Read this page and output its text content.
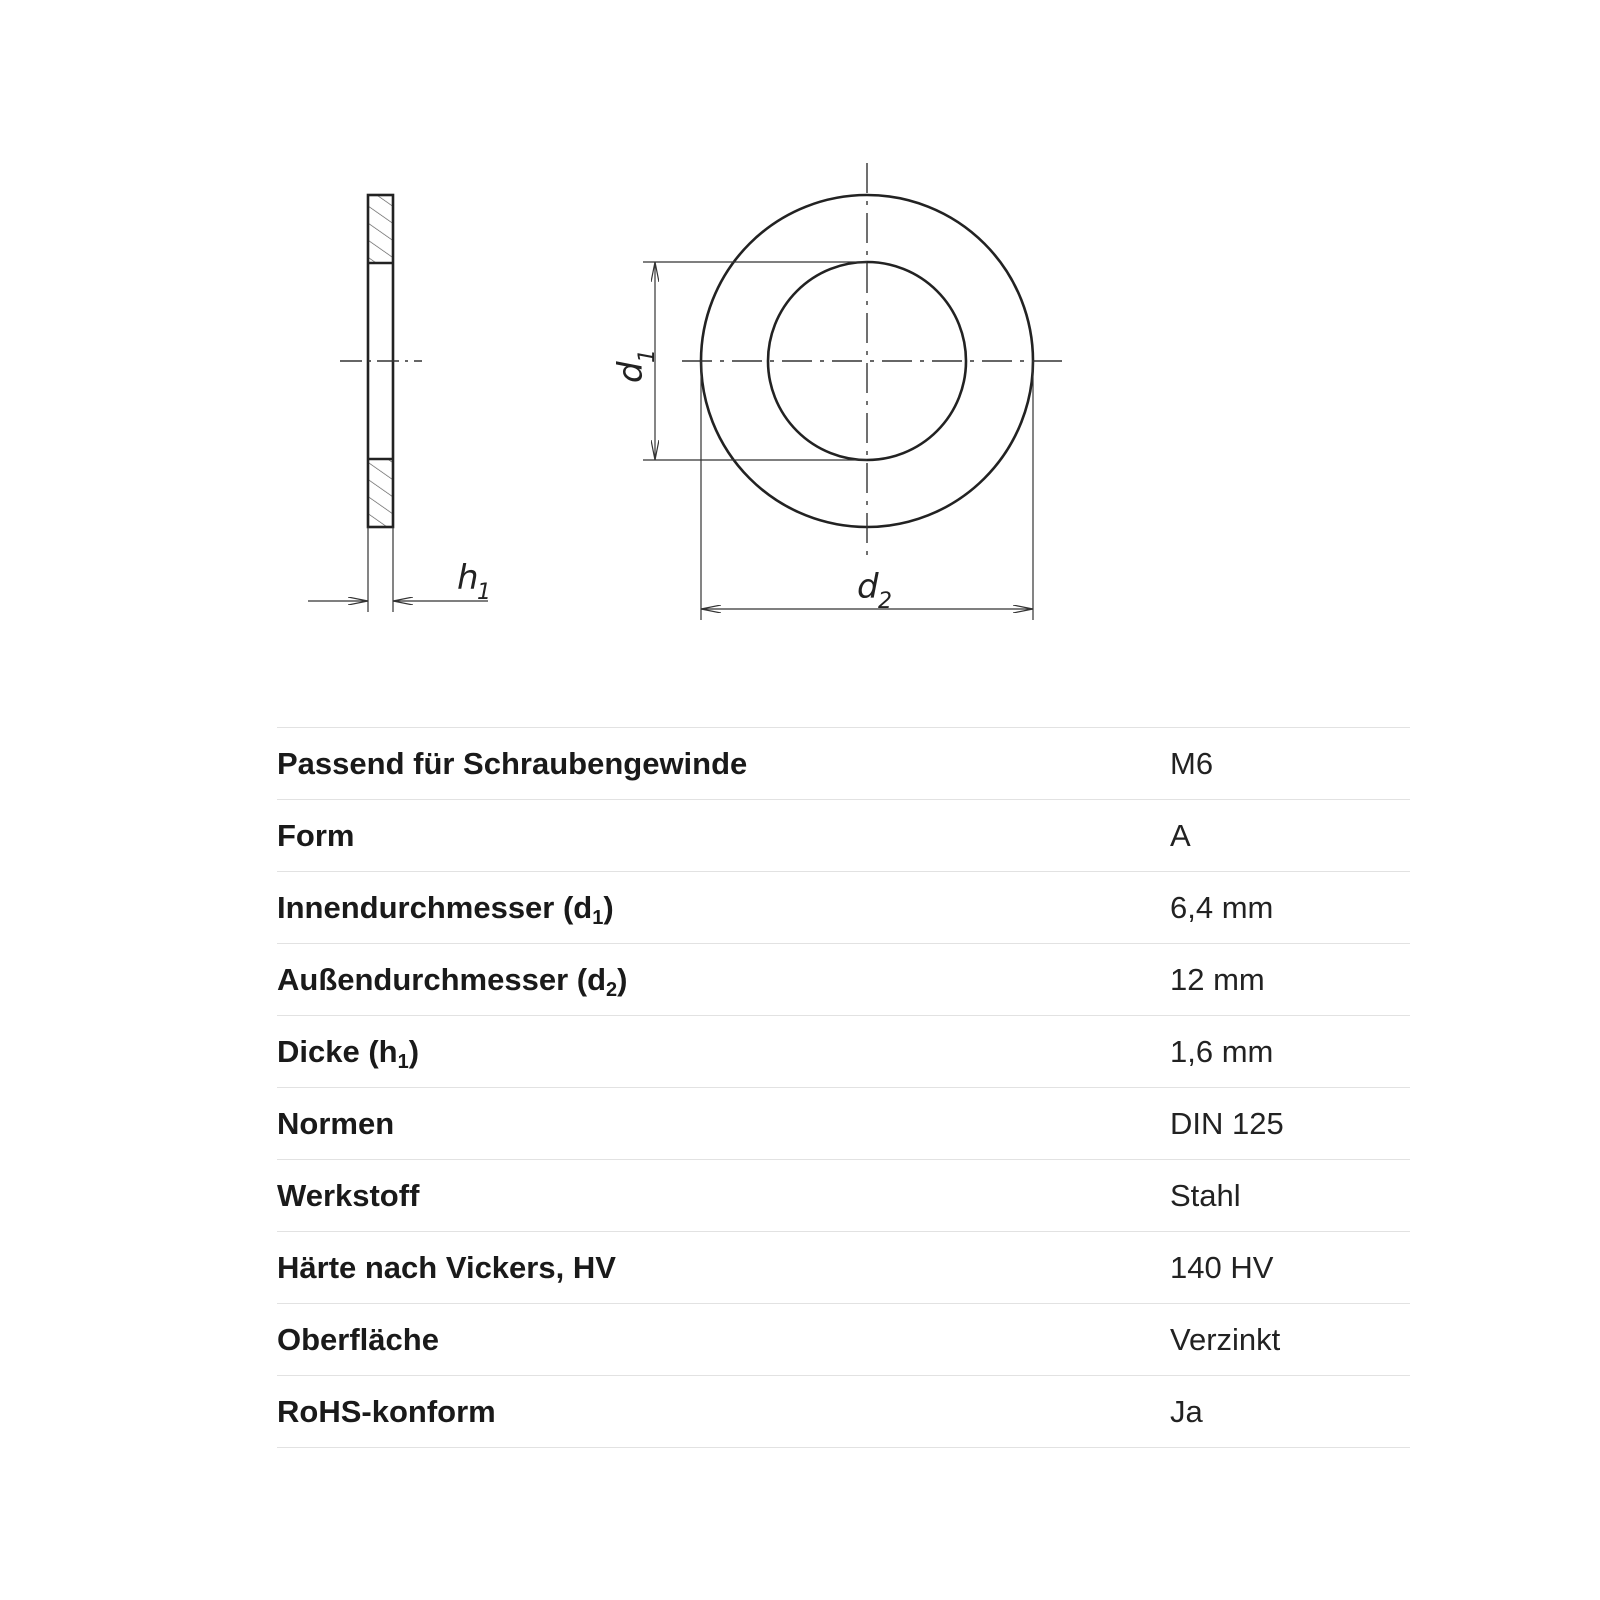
h
1
d
1
d 2
Passend für Schraubengewinde	M6
Form	A
Innendurchmesser $(d_1)$	6,4 mm
Außendurchmesser $(d_2)$	12 mm
Dicke $(h_1)$	1,6 mm
Normen	DIN 125
Werkstoff	Stahl
Härte nach Vickers, HV	140 HV
Oberfläche	Verzinkt
RoHS-konform	Ja
